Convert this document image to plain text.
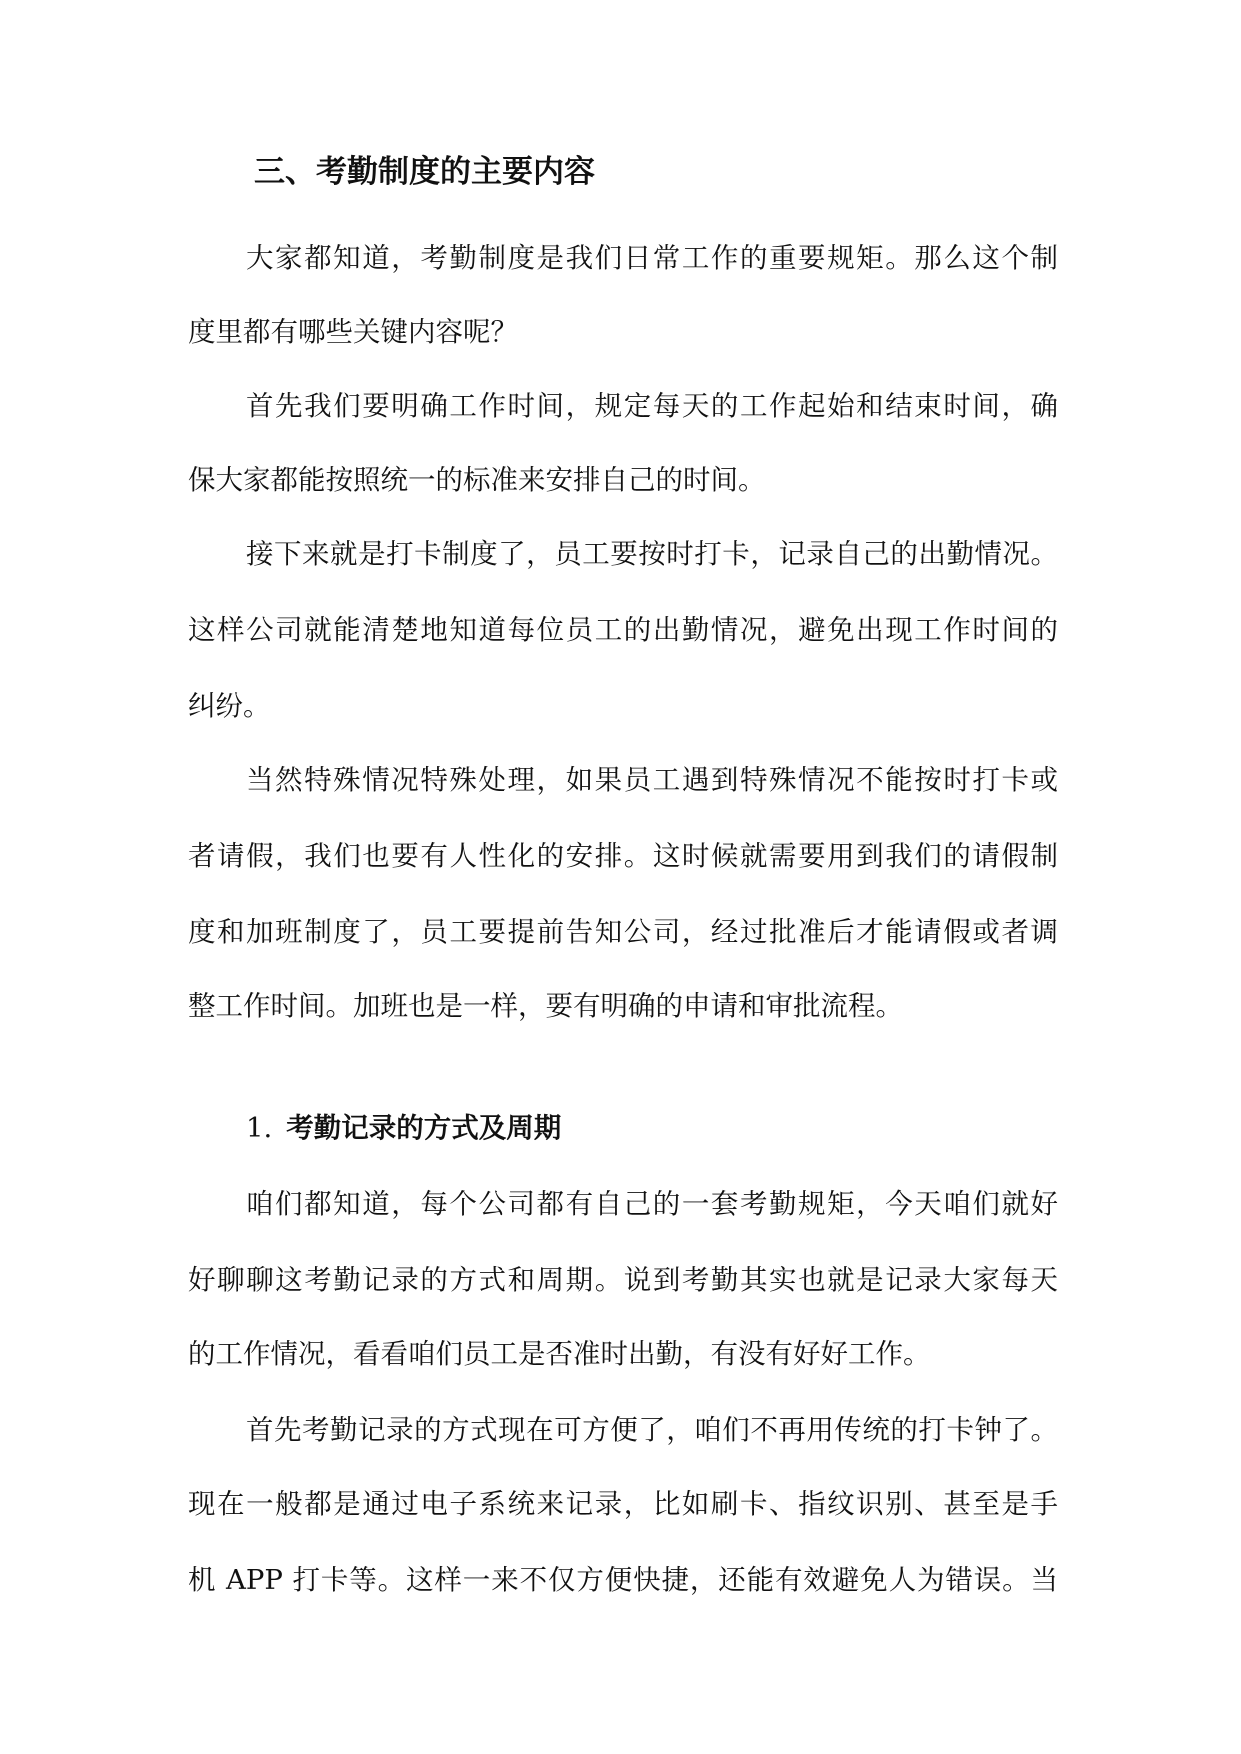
三、考勤制度的主要内容
大家都知道，考勤制度是我们日常工作的重要规矩。那么这个制
度里都有哪些关键内容呢？
首先我们要明确工作时间，规定每天的工作起始和结束时间，确
保大家都能按照统一的标准来安排自己的时间。
接下来就是打卡制度了，员工要按时打卡，记录自己的出勤情况。
这样公司就能清楚地知道每位员工的出勤情况，避免出现工作时间的
纠纷。
当然特殊情况特殊处理，如果员工遇到特殊情况不能按时打卡或
者请假，我们也要有人性化的安排。这时候就需要用到我们的请假制
度和加班制度了，员工要提前告知公司，经过批准后才能请假或者调
整工作时间。加班也是一样，要有明确的申请和审批流程。
1. 考勤记录的方式及周期
咱们都知道，每个公司都有自己的一套考勤规矩，今天咱们就好
好聊聊这考勤记录的方式和周期。说到考勤其实也就是记录大家每天
的工作情况，看看咱们员工是否准时出勤，有没有好好工作。
首先考勤记录的方式现在可方便了，咱们不再用传统的打卡钟了。
现在一般都是通过电子系统来记录，比如刷卡、指纹识别、甚至是手
机 APP 打卡等。这样一来不仅方便快捷，还能有效避免人为错误。当
